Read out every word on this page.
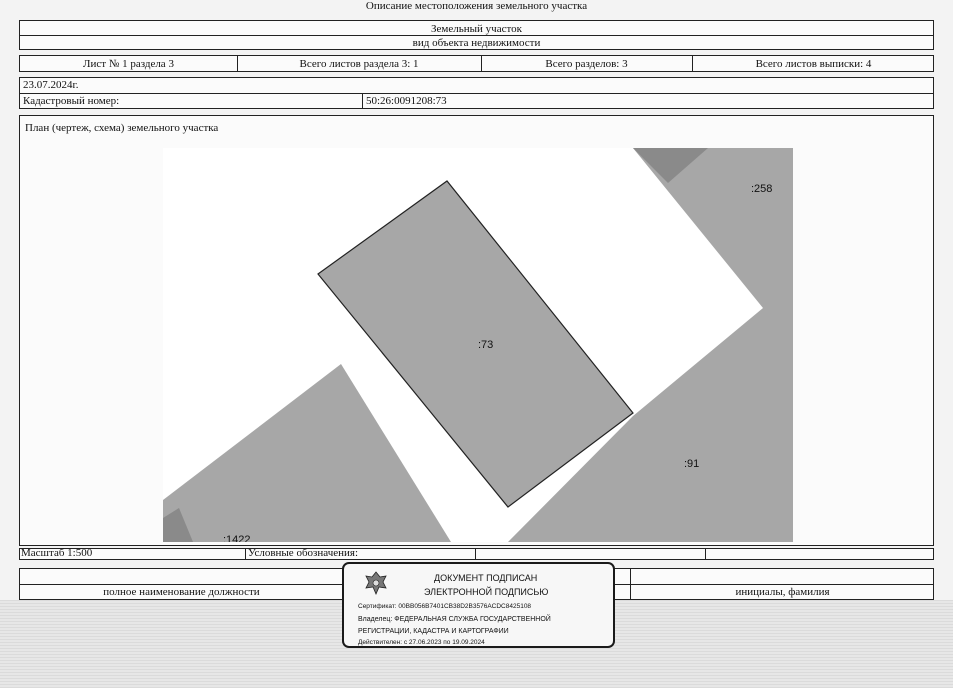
Описание местоположения земельного участка
Земельный участок
вид объекта недвижимости
Лист № 1 раздела 3	Всего листов раздела 3: 1	Всего разделов: 3	Всего листов выписки: 4
23.07.2024г.
Кадастровый номер:	50:26:0091208:73
План (чертеж, схема) земельного участка
:73
:258
:91
:1422
Масштаб 1:500	Условные обозначения:
полное наименование должности	инициалы, фамилия
ДОКУМЕНТ ПОДПИСАН
ЭЛЕКТРОННОЙ ПОДПИСЬЮ
Сертификат: 00BB056B7401CB38D2B3576ACDC8425108
Владелец: ФЕДЕРАЛЬНАЯ СЛУЖБА ГОСУДАРСТВЕННОЙ
РЕГИСТРАЦИИ, КАДАСТРА И КАРТОГРАФИИ
Действителен: с 27.06.2023 по 19.09.2024
